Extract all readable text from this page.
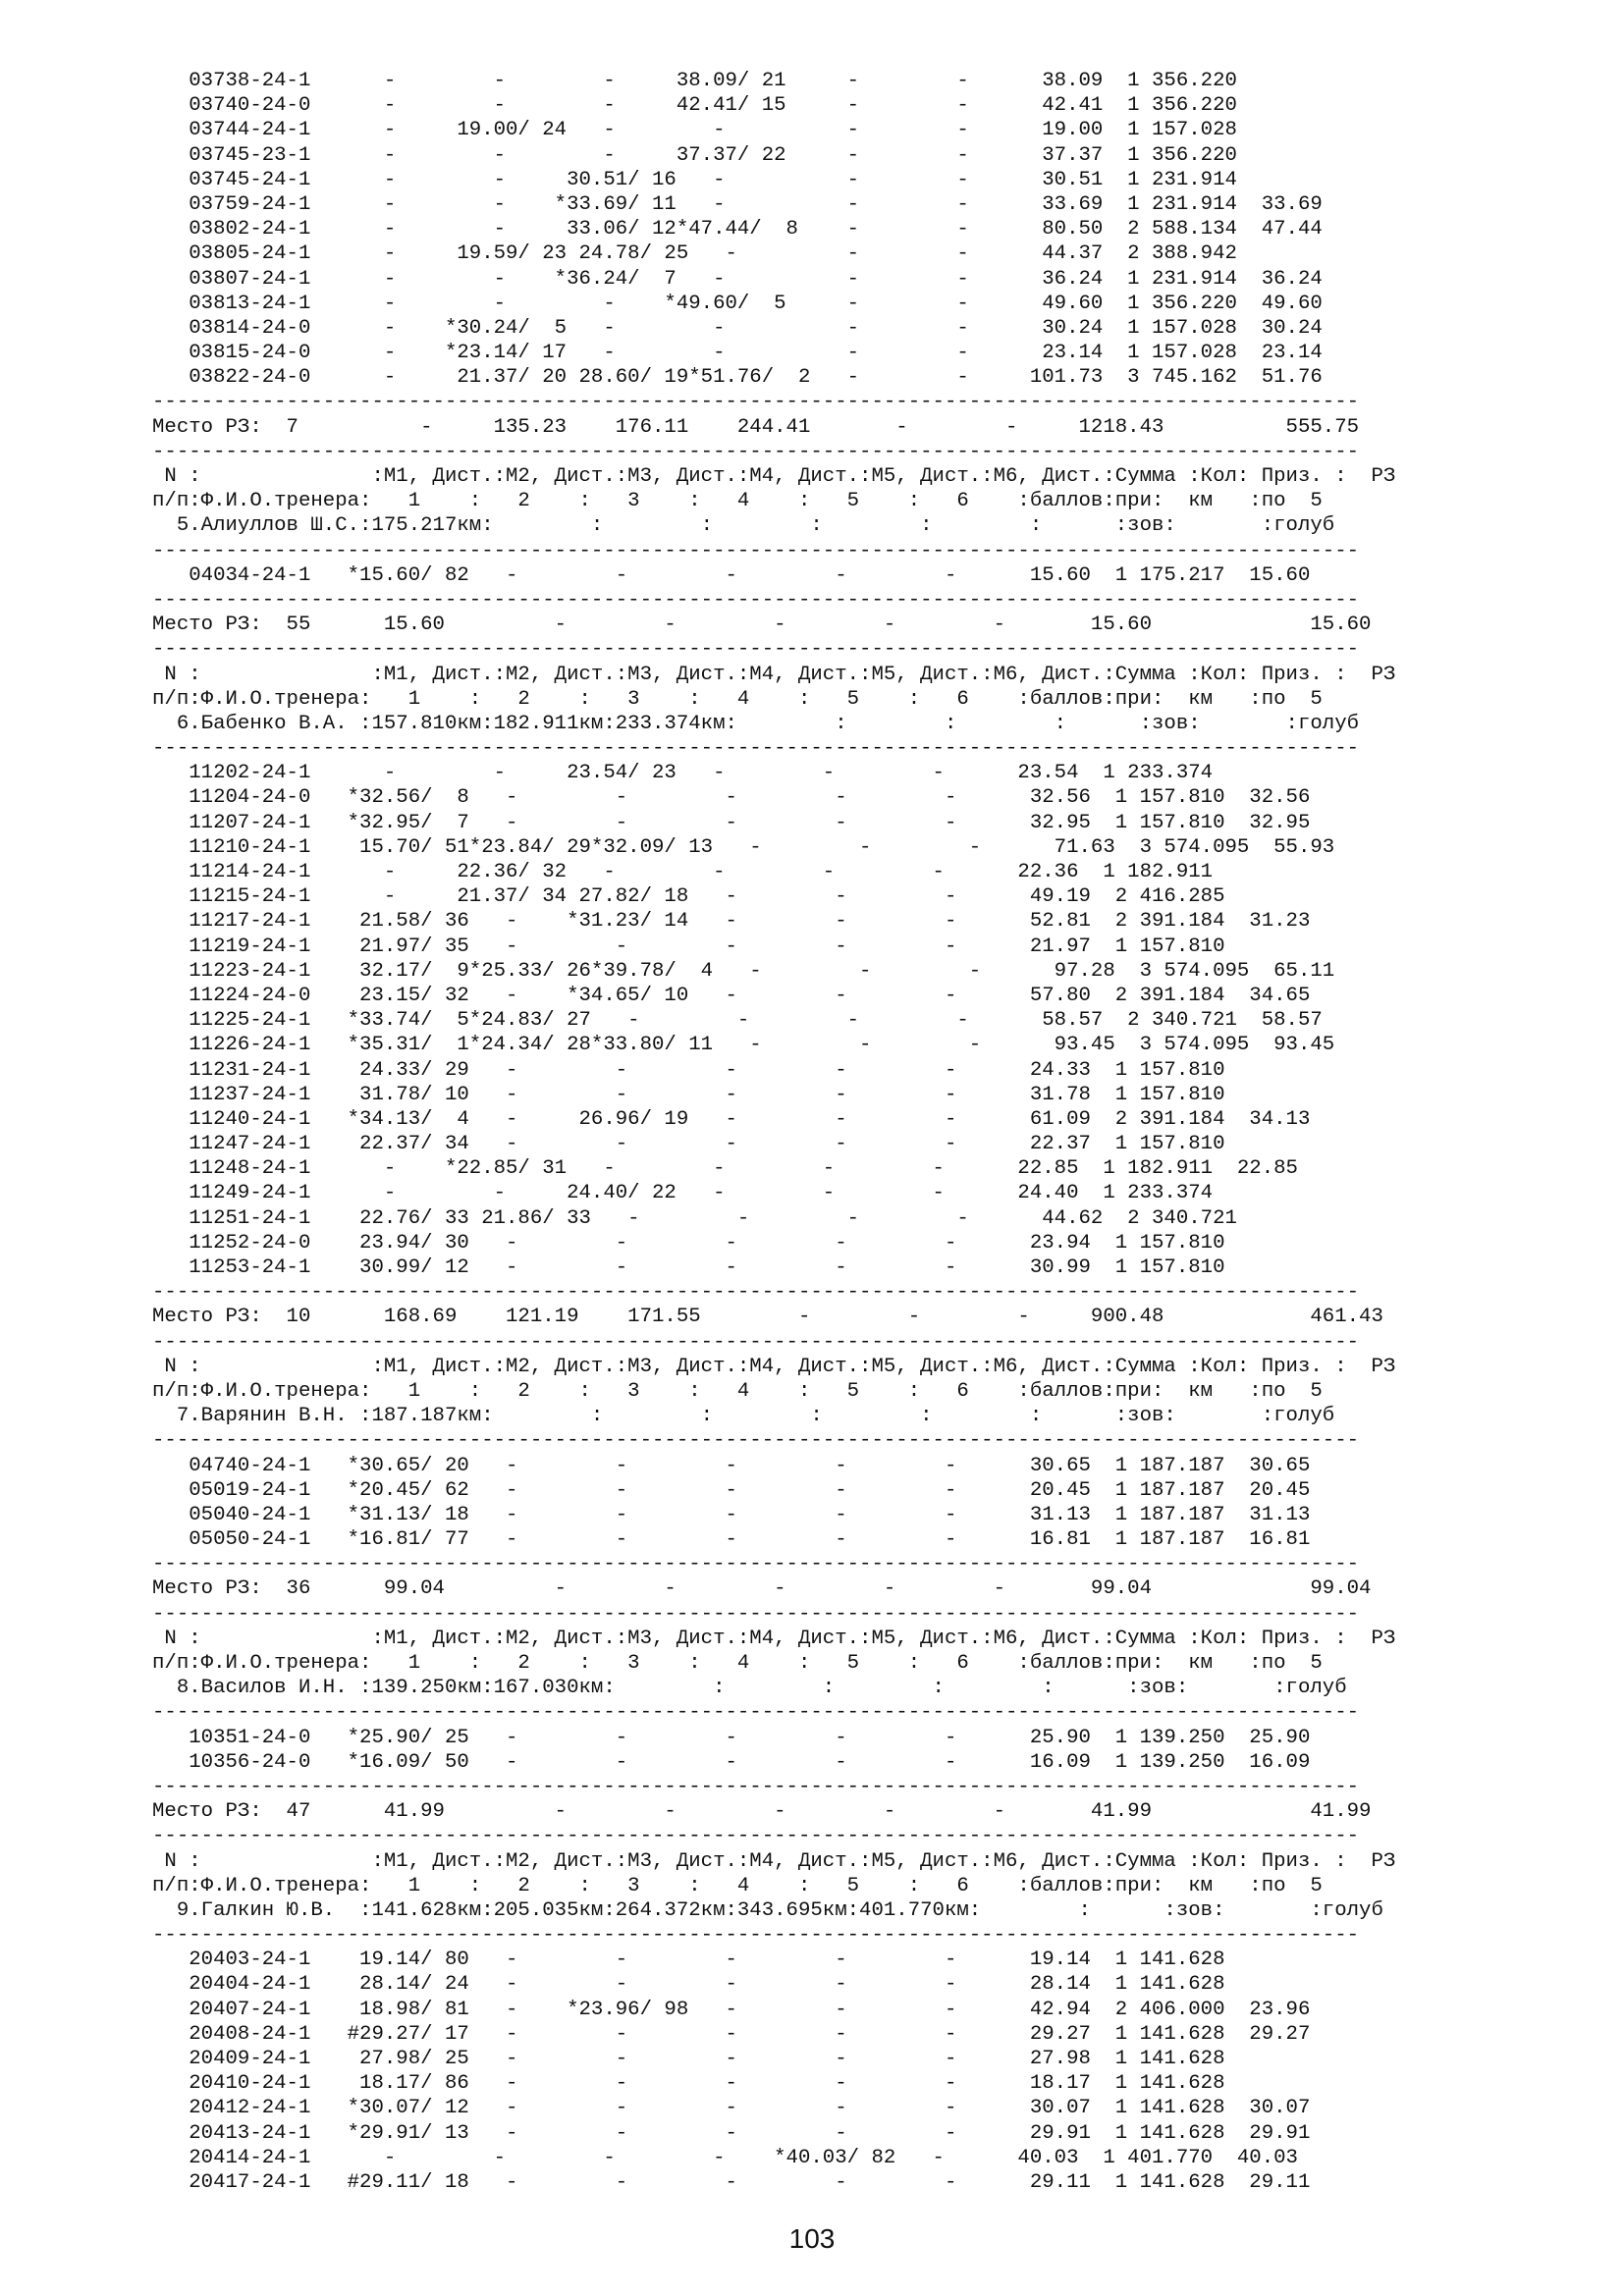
03738-24-1      -        -        -     38.09/ 21     -        -      38.09  1 356.220
03740-24-0      -        -        -     42.41/ 15     -        -      42.41  1 356.220
03744-24-1      -     19.00/ 24   -        -          -        -      19.00  1 157.028
03745-23-1      -        -        -     37.37/ 22     -        -      37.37  1 356.220
03745-24-1      -        -     30.51/ 16   -          -        -      30.51  1 231.914
03759-24-1      -        -    *33.69/ 11   -          -        -      33.69  1 231.914  33.69
03802-24-1      -        -     33.06/ 12*47.44/  8    -        -      80.50  2 588.134  47.44
03805-24-1      -     19.59/ 23 24.78/ 25   -         -        -      44.37  2 388.942
03807-24-1      -        -    *36.24/  7   -          -        -      36.24  1 231.914  36.24
03813-24-1      -        -        -    *49.60/  5     -        -      49.60  1 356.220  49.60
03814-24-0      -    *30.24/  5   -        -          -        -      30.24  1 157.028  30.24
03815-24-0      -    *23.14/ 17   -        -          -        -      23.14  1 157.028  23.14
03822-24-0      -     21.37/ 20 28.60/ 19*51.76/  2   -        -     101.73  3 745.162  51.76
---------------------------------------------------------------------------------------------------
Место РЗ:  7          -     135.23    176.11    244.41       -        -     1218.43          555.75
---------------------------------------------------------------------------------------------------
N :              :М1, Дист.:М2, Дист.:М3, Дист.:М4, Дист.:М5, Дист.:М6, Дист.:Сумма :Кол: Приз. :  РЗ
п/п:Ф.И.О.тренера:   1    :   2    :   3    :   4    :   5    :   6    :баллов:при:  км   :по  5
5.Алиуллов Ш.С.:175.217км:        :        :        :        :        :      :зов:       :голуб
---------------------------------------------------------------------------------------------------
04034-24-1   *15.60/ 82   -        -        -        -        -      15.60  1 175.217  15.60
---------------------------------------------------------------------------------------------------
Место РЗ:  55      15.60         -        -        -        -        -       15.60             15.60
---------------------------------------------------------------------------------------------------
N :              :М1, Дист.:М2, Дист.:М3, Дист.:М4, Дист.:М5, Дист.:М6, Дист.:Сумма :Кол: Приз. :  РЗ
п/п:Ф.И.О.тренера:   1    :   2    :   3    :   4    :   5    :   6    :баллов:при:  км   :по  5
6.Бабенко В.А. :157.810км:182.911км:233.374км:        :        :        :      :зов:       :голуб
---------------------------------------------------------------------------------------------------
11202-24-1      -        -     23.54/ 23   -        -        -      23.54  1 233.374
11204-24-0   *32.56/  8   -        -        -        -        -      32.56  1 157.810  32.56
11207-24-1   *32.95/  7   -        -        -        -        -      32.95  1 157.810  32.95
11210-24-1    15.70/ 51*23.84/ 29*32.09/ 13   -        -        -      71.63  3 574.095  55.93
11214-24-1      -     22.36/ 32   -        -        -        -      22.36  1 182.911
11215-24-1      -     21.37/ 34 27.82/ 18   -        -        -      49.19  2 416.285
11217-24-1    21.58/ 36   -    *31.23/ 14   -        -        -      52.81  2 391.184  31.23
11219-24-1    21.97/ 35   -        -        -        -        -      21.97  1 157.810
11223-24-1    32.17/  9*25.33/ 26*39.78/  4   -        -        -      97.28  3 574.095  65.11
11224-24-0    23.15/ 32   -    *34.65/ 10   -        -        -      57.80  2 391.184  34.65
11225-24-1   *33.74/  5*24.83/ 27   -        -        -        -      58.57  2 340.721  58.57
11226-24-1   *35.31/  1*24.34/ 28*33.80/ 11   -        -        -      93.45  3 574.095  93.45
11231-24-1    24.33/ 29   -        -        -        -        -      24.33  1 157.810
11237-24-1    31.78/ 10   -        -        -        -        -      31.78  1 157.810
11240-24-1   *34.13/  4   -     26.96/ 19   -        -        -      61.09  2 391.184  34.13
11247-24-1    22.37/ 34   -        -        -        -        -      22.37  1 157.810
11248-24-1      -    *22.85/ 31   -        -        -        -      22.85  1 182.911  22.85
11249-24-1      -        -     24.40/ 22   -        -        -      24.40  1 233.374
11251-24-1    22.76/ 33 21.86/ 33   -        -        -        -      44.62  2 340.721
11252-24-0    23.94/ 30   -        -        -        -        -      23.94  1 157.810
11253-24-1    30.99/ 12   -        -        -        -        -      30.99  1 157.810
---------------------------------------------------------------------------------------------------
Место РЗ:  10      168.69    121.19    171.55        -        -        -     900.48            461.43
---------------------------------------------------------------------------------------------------
N :              :М1, Дист.:М2, Дист.:М3, Дист.:М4, Дист.:М5, Дист.:М6, Дист.:Сумма :Кол: Приз. :  РЗ
п/п:Ф.И.О.тренера:   1    :   2    :   3    :   4    :   5    :   6    :баллов:при:  км   :по  5
7.Варянин В.Н. :187.187км:        :        :        :        :        :      :зов:       :голуб
---------------------------------------------------------------------------------------------------
04740-24-1   *30.65/ 20   -        -        -        -        -      30.65  1 187.187  30.65
05019-24-1   *20.45/ 62   -        -        -        -        -      20.45  1 187.187  20.45
05040-24-1   *31.13/ 18   -        -        -        -        -      31.13  1 187.187  31.13
05050-24-1   *16.81/ 77   -        -        -        -        -      16.81  1 187.187  16.81
---------------------------------------------------------------------------------------------------
Место РЗ:  36      99.04         -        -        -        -        -       99.04             99.04
---------------------------------------------------------------------------------------------------
N :              :М1, Дист.:М2, Дист.:М3, Дист.:М4, Дист.:М5, Дист.:М6, Дист.:Сумма :Кол: Приз. :  РЗ
п/п:Ф.И.О.тренера:   1    :   2    :   3    :   4    :   5    :   6    :баллов:при:  км   :по  5
8.Василов И.Н. :139.250км:167.030км:        :        :        :        :      :зов:       :голуб
---------------------------------------------------------------------------------------------------
10351-24-0   *25.90/ 25   -        -        -        -        -      25.90  1 139.250  25.90
10356-24-0   *16.09/ 50   -        -        -        -        -      16.09  1 139.250  16.09
---------------------------------------------------------------------------------------------------
Место РЗ:  47      41.99         -        -        -        -        -       41.99             41.99
---------------------------------------------------------------------------------------------------
N :              :М1, Дист.:М2, Дист.:М3, Дист.:М4, Дист.:М5, Дист.:М6, Дист.:Сумма :Кол: Приз. :  РЗ
п/п:Ф.И.О.тренера:   1    :   2    :   3    :   4    :   5    :   6    :баллов:при:  км   :по  5
9.Галкин Ю.В.  :141.628км:205.035км:264.372км:343.695км:401.770км:        :      :зов:       :голуб
---------------------------------------------------------------------------------------------------
20403-24-1    19.14/ 80   -        -        -        -        -      19.14  1 141.628
20404-24-1    28.14/ 24   -        -        -        -        -      28.14  1 141.628
20407-24-1    18.98/ 81   -    *23.96/ 98   -        -        -      42.94  2 406.000  23.96
20408-24-1   #29.27/ 17   -        -        -        -        -      29.27  1 141.628  29.27
20409-24-1    27.98/ 25   -        -        -        -        -      27.98  1 141.628
20410-24-1    18.17/ 86   -        -        -        -        -      18.17  1 141.628
20412-24-1   *30.07/ 12   -        -        -        -        -      30.07  1 141.628  30.07
20413-24-1   *29.91/ 13   -        -        -        -        -      29.91  1 141.628  29.91
20414-24-1      -        -        -        -    *40.03/ 82   -      40.03  1 401.770  40.03
20417-24-1   #29.11/ 18   -        -        -        -        -      29.11  1 141.628  29.11
103
